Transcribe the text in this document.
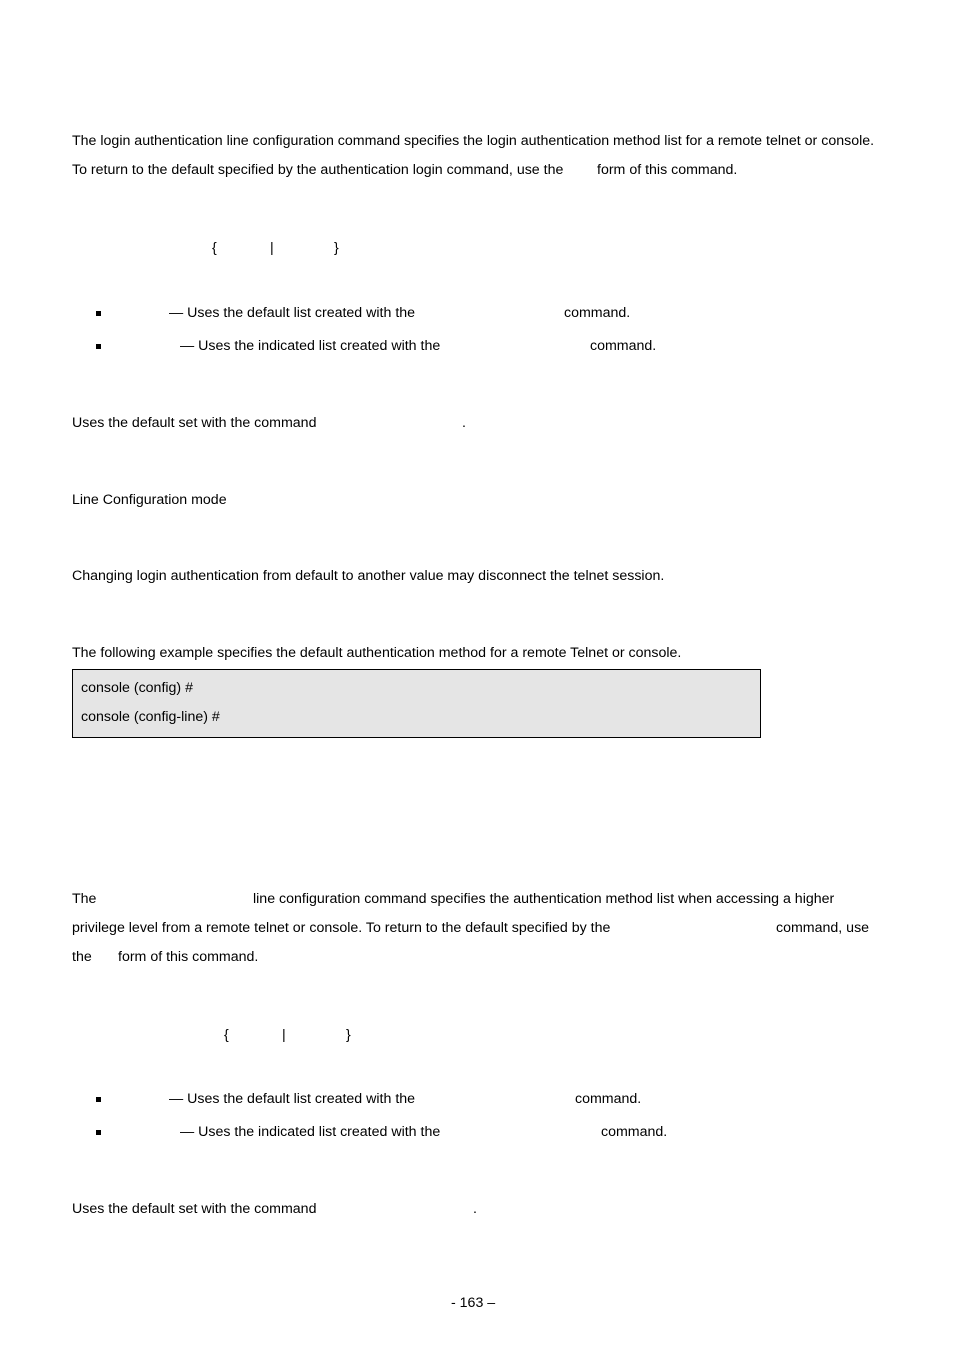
The login authentication line configuration command specifies the login authentication method list for a remote telnet or console.
To return to the default specified by the authentication login command, use the form of this command.
{	|	}
— Uses the default list created with the	command.
— Uses the indicated list created with the	command.
Uses the default set with the command	.
Line Configuration mode
Changing login authentication from default to another value may disconnect the telnet session.
The following example specifies the default authentication method for a remote Telnet or console.
console (config) #
console (config-line) #
The	line configuration command specifies the authentication method list when accessing a higher
privilege level from a remote telnet or console. To return to the default specified by the	command, use
the form of this command.
{	|	}
— Uses the default list created with the	command.
— Uses the indicated list created with the	command.
Uses the default set with the command	.
- 163 –
